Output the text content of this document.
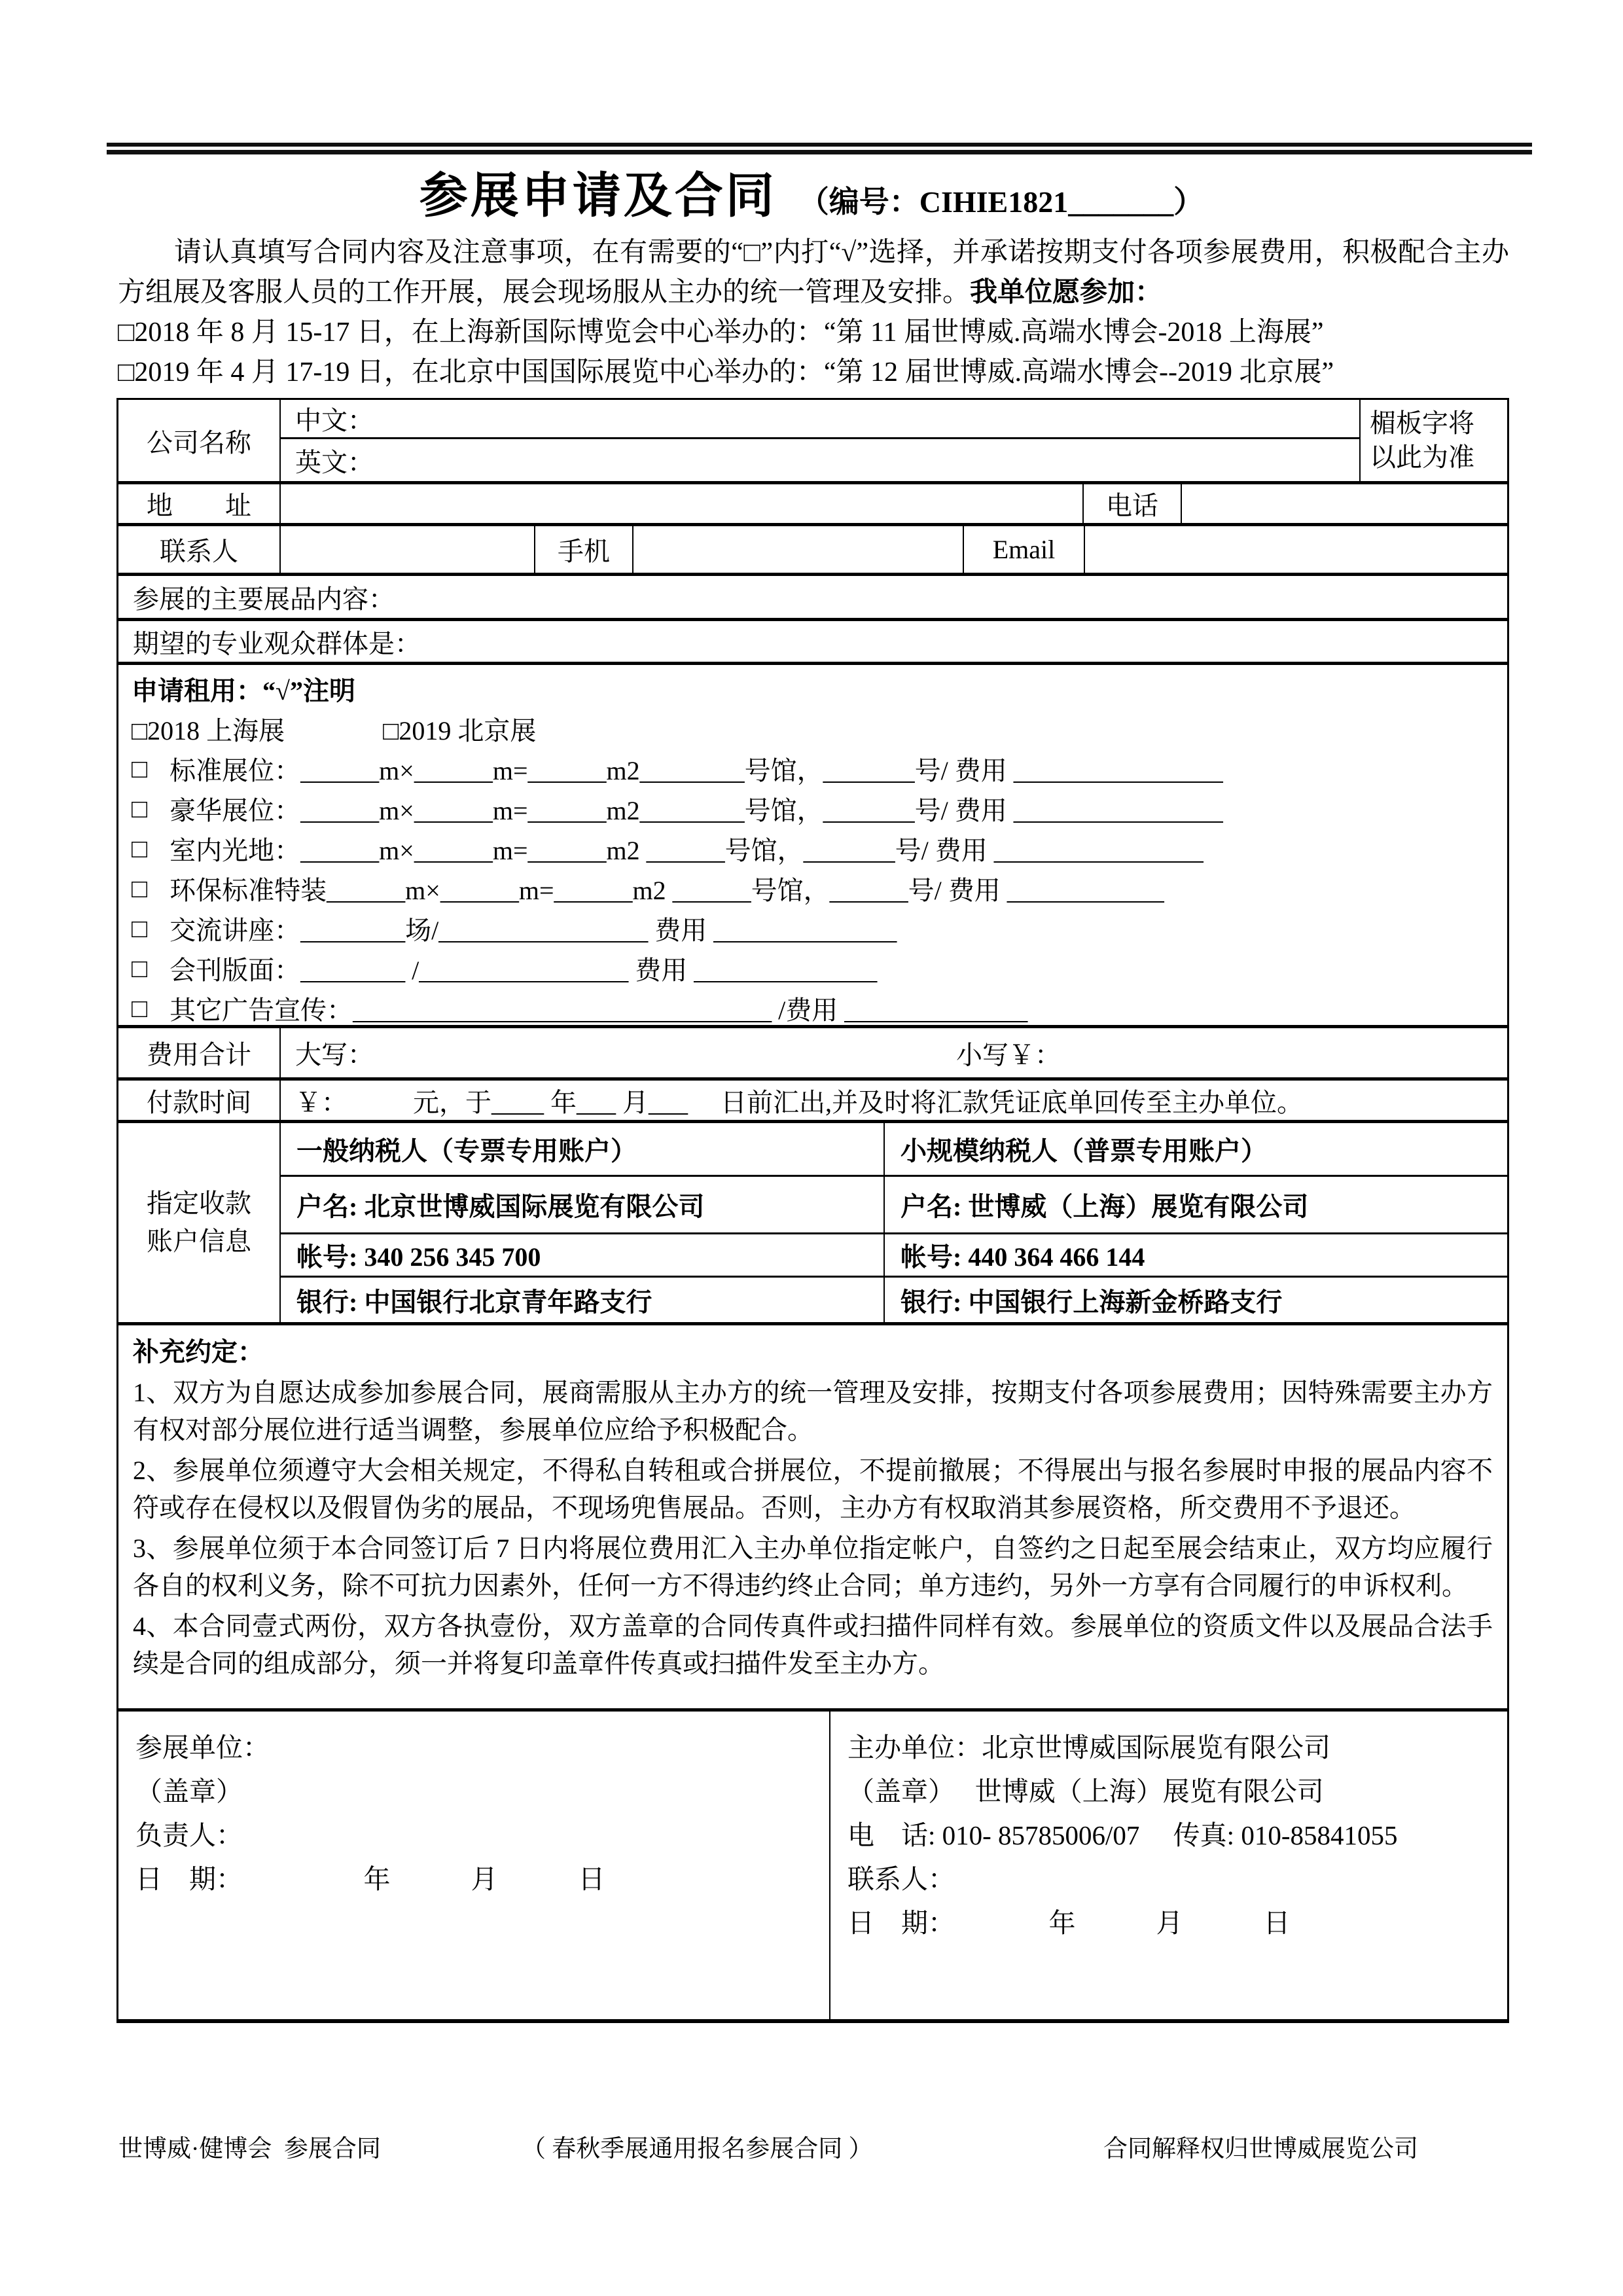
参展申请及合同 （编号：CIHIE1821_______）

请认真填写合同内容及注意事项，在有需要的“□”内打“√”选择，并承诺按期支付各项参展费用，积极配合主办方组展及客服人员的工作开展，展会现场服从主办的统一管理及安排。我单位愿参加：

□2018 年 8 月 15-17 日，在上海新国际博览会中心举办的：“第 11 届世博威.高端水博会-2018 上海展”

□2019 年 4 月 17-19 日，在北京中国国际展览中心举办的：“第 12 届世博威.高端水博会--2019 北京展”

公司名称
中文：
英文：
楣板字将
以此为准
地　　址	电话
联系人	手机	Email
参展的主要展品内容：
期望的专业观众群体是：
申请租用：“√”注明
□2018 上海展	□2019 北京展
□ 标准展位：______m×______m=______m2________号馆，_______号/ 费用 ________________
□ 豪华展位：______m×______m=______m2________号馆，_______号/ 费用 ________________
□ 室内光地：______m×______m=______m2 ______号馆，_______号/ 费用 ________________
□ 环保标准特装______m×______m=______m2 ______号馆，______号/ 费用 ____________
□ 交流讲座：________场/________________ 费用 ______________
□ 会刊版面：________ /________________ 费用 ______________
□ 其它广告宣传：________________________________ /费用 ______________
费用合计	大写：	小写￥：
付款时间	￥：　　　元，于____ 年___ 月___　 日前汇出,并及时将汇款凭证底单回传至主办单位。
指定收款
账户信息
一般纳税人（专票专用账户）	小规模纳税人（普票专用账户）
户名: 北京世博威国际展览有限公司	户名: 世博威（上海）展览有限公司
帐号: 340 256 345 700	帐号: 440 364 466 144
银行: 中国银行北京青年路支行	银行: 中国银行上海新金桥路支行

补充约定：

1、双方为自愿达成参加参展合同，展商需服从主办方的统一管理及安排，按期支付各项参展费用；因特殊需要主办方有权对部分展位进行适当调整，参展单位应给予积极配合。

2、参展单位须遵守大会相关规定，不得私自转租或合拼展位，不提前撤展；不得展出与报名参展时申报的展品内容不符或存在侵权以及假冒伪劣的展品，不现场兜售展品。否则，主办方有权取消其参展资格，所交费用不予退还。

3、参展单位须于本合同签订后 7 日内将展位费用汇入主办单位指定帐户，自签约之日起至展会结束止，双方均应履行各自的权利义务，除不可抗力因素外，任何一方不得违约终止合同；单方违约，另外一方享有合同履行的申诉权利。

4、本合同壹式两份，双方各执壹份，双方盖章的合同传真件或扫描件同样有效。参展单位的资质文件以及展品合法手续是合同的组成部分，须一并将复印盖章件传真或扫描件发至主办方。

参展单位：
（盖章）
负责人：
日　期：　　　　　年　　　月　　　日
主办单位：北京世博威国际展览有限公司
（盖章）　 世博威（上海）展览有限公司
电　话: 010- 85785006/07　 传真: 010-85841055
联系人：
日　期：　　　　年　　　月　　　日
世博威·健博会  参展合同	（ 春秋季展通用报名参展合同 ）	合同解释权归世博威展览公司
